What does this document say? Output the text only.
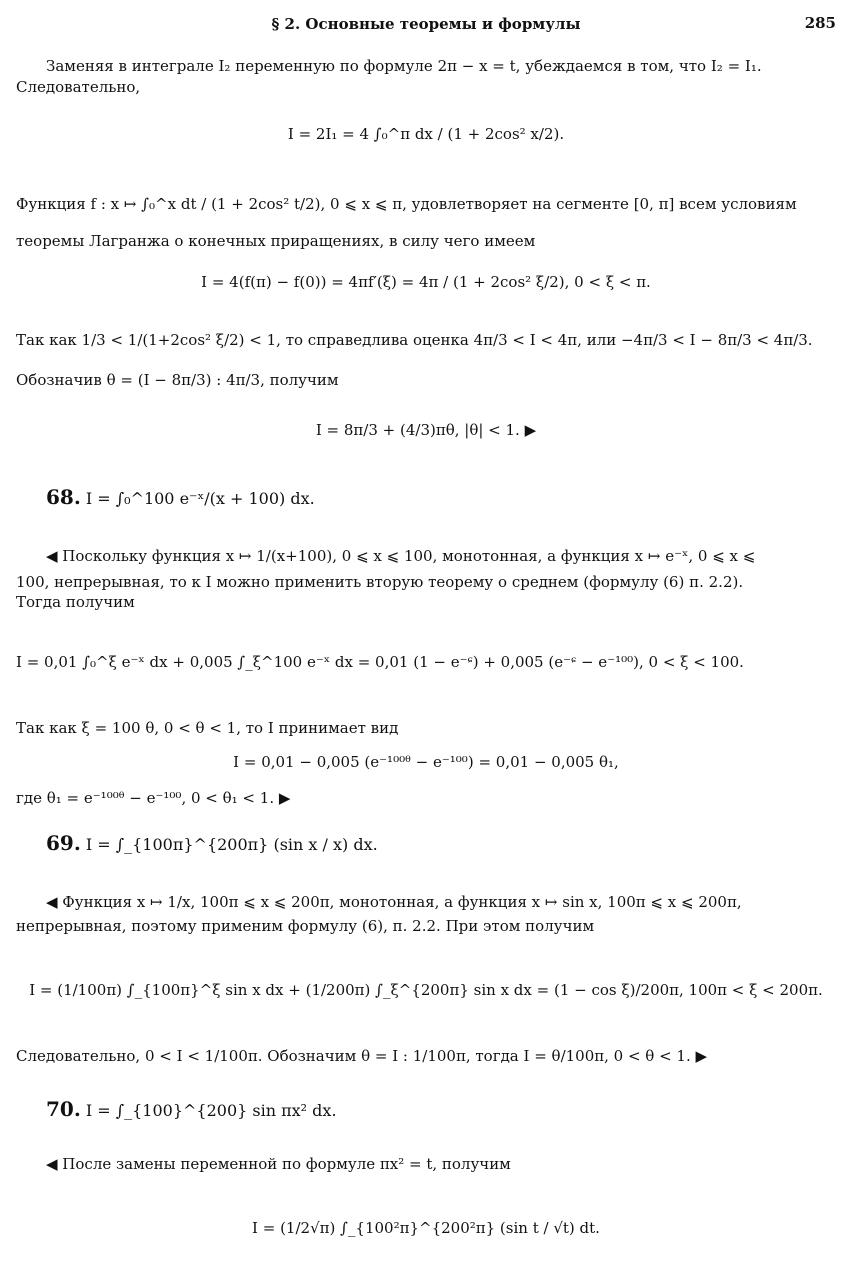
§ 2. Основные теоремы и формулы	285
Заменяя в интеграле I₂ переменную по формуле 2π − x = t, убеждаемся в том, что I₂ = I₁.
Следовательно,
I = 2I₁ = 4 ∫₀^π dx / (1 + 2cos² x/2).
Функция f : x ↦ ∫₀^x dt / (1 + 2cos² t/2), 0 ⩽ x ⩽ π, удовлетворяет на сегменте [0, π] всем условиям
теоремы Лагранжа о конечных приращениях, в силу чего имеем
I = 4(f(π) − f(0)) = 4πf′(ξ) = 4π / (1 + 2cos² ξ/2), 0 < ξ < π.
Так как 1/3 < 1/(1+2cos² ξ/2) < 1, то справедлива оценка 4π/3 < I < 4π, или −4π/3 < I − 8π/3 < 4π/3.
Обозначив θ = (I − 8π/3) : 4π/3, получим
I = 8π/3 + (4/3)πθ, |θ| < 1. ▶
68. I = ∫₀^100 e⁻ˣ/(x + 100) dx.
◀ Поскольку функция x ↦ 1/(x+100), 0 ⩽ x ⩽ 100, монотонная, а функция x ↦ e⁻ˣ, 0 ⩽ x ⩽
100, непрерывная, то к I можно применить вторую теорему о среднем (формулу (6) п. 2.2).
Тогда получим
I = 0,01 ∫₀^ξ e⁻ˣ dx + 0,005 ∫_ξ^100 e⁻ˣ dx = 0,01 (1 − e⁻ᶝ) + 0,005 (e⁻ᶝ − e⁻¹⁰⁰), 0 < ξ < 100.
Так как ξ = 100 θ, 0 < θ < 1, то I принимает вид
I = 0,01 − 0,005 (e⁻¹⁰⁰ᶿ − e⁻¹⁰⁰) = 0,01 − 0,005 θ₁,
где θ₁ = e⁻¹⁰⁰ᶿ − e⁻¹⁰⁰, 0 < θ₁ < 1. ▶
69. I = ∫_{100π}^{200π} (sin x / x) dx.
◀ Функция x ↦ 1/x, 100π ⩽ x ⩽ 200π, монотонная, а функция x ↦ sin x, 100π ⩽ x ⩽ 200π,
непрерывная, поэтому применим формулу (6), п. 2.2. При этом получим
I = (1/100π) ∫_{100π}^ξ sin x dx + (1/200π) ∫_ξ^{200π} sin x dx = (1 − cos ξ)/200π, 100π < ξ < 200π.
Следовательно, 0 < I < 1/100π. Обозначим θ = I : 1/100π, тогда I = θ/100π, 0 < θ < 1. ▶
70. I = ∫_{100}^{200} sin πx² dx.
◀ После замены переменной по формуле πx² = t, получим
I = (1/2√π) ∫_{100²π}^{200²π} (sin t / √t) dt.
